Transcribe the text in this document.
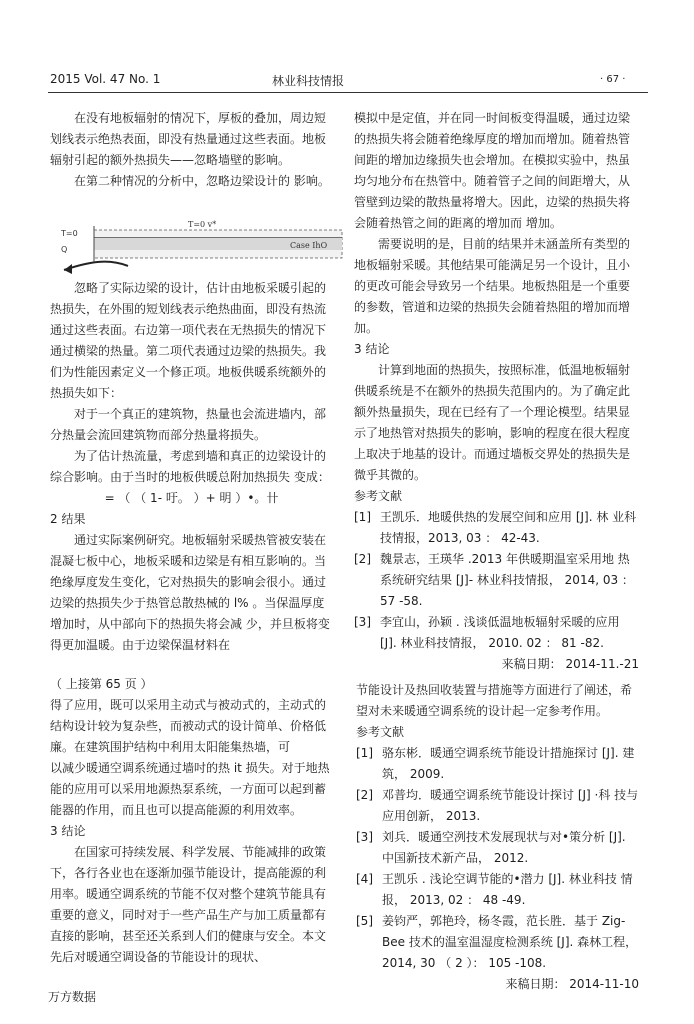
2015 Vol. 47 No. 1	林业科技情报	· 67 ·

在没有地板辐射的情况下，厚板的叠加，周边短划线表示绝热表面，即没有热量通过这些表面。地板辐射引起的额外热损失——忽略墙壁的影响。

在第二种情况的分析中，忽略边梁设计的 影响。

T=0
Q
T=0 v*
Case IhO

忽略了实际边梁的设计，估计由地板采暖引起的热损失，在外围的短划线表示绝热曲面，即没有热流通过这些表面。右边第一项代表在无热损失的情况下通过横梁的热量。第二项代表通过边梁的热损失。我们为性能因素定义一个修正项。地板供暖系统额外的热损失如下：

对于一个真正的建筑物，热量也会流进墙内，部分热量会流回建筑物而部分热量将损失。

为了估计热流量，考虑到墙和真正的边梁设计的综合影响。由于当时的地板供暖总附加热损失 变成：

= （ （ 1- 吁。 ）+ 明 ）•。卄

2 结果

通过实际案例研究。地板辐射采暖热管被安装在混凝七板中心，地板采暖和边梁是有相互影响的。当绝缘厚度发生变化，它对热损失的影响会很小。通过边梁的热损失少于热管总散热械的 l% 。当保温厚度增加时，从中部向下的热损失将会减 少，并旦板将变得更加温暖。由于边梁保温材料在

模拟中是定值，并在同一时间板变得温暖，通过边梁的热损失将会随着绝缘厚度的增加而增加。随着热管间距的增加边缘损失也会增加。在模拟实验中，热虽均匀地分布在热管中。随着管子之间的间距增大，从管壁到边梁的散热量将增大。因此，边梁的热损失将会随着热管之间的距离的增加而 增加。

需要说明的是，目前的结果并未涵盖所有类型的地板辐射采暖。其他结果可能满足另一个设计，且小的更改可能会导致另一个结果。地板热阻是一个重要的参数，管道和边梁的热损失会随着热阻的增加而增加。

3 结论

计算到地面的热损失，按照标准，低温地板辐射供暖系统是不在额外的热损失范围内的。为了确定此额外热量损失，现在已经有了一个理论模型。结果显示了地热管对热损失的影响，影响的程度在很大程度上取决于地基的设计。而通过墙板交界处的热损失是微乎其微的。

参考文献

[1] 王凯乐．地暖供热的发展空间和应用 [J]. 林 业科技情报，2013, 03 ： 42-43.
[2] 魏景志，王瑛华 .2013 年供暖期温室采用地 热系统研究结果 [J]- 林业科技情报， 2014, 03 ： 57 -58.
[3] 李宜山，孙颖 . 浅谈低温地板辐射采暖的应用 [J]. 林业科技情报， 2010. 02 ： 81 -82.

来稿日期： 2014-11.-21

（ 上接第 65 页 ）

得了应用，既可以采用主动式与被动式的，主动式的结构设计较为复杂些，而被动式的设计简单、价格低廉。在建筑围护结构中利用太阳能集热墙，可

以减少暖通空调系统通过墙吋的热 it 损失。对于地热能的应用可以采用地源热泵系统，一方面可以起到蓄能器的作用，而且也可以提高能源的利用效率。

3 结论

在国家可持续发展、科学发展、节能减排的政策下，各行各业也在逐渐加强节能设计，提高能源的利用率。暖通空调系统的节能不仅对整个建筑节能具有重要的意义，同时对于一些产品生产与加工质量都有直接的影响，甚至还关系到人们的健康与安全。本文先后对暖通空调设备的节能设计的现状、

节能设计及热回收装置与措施等方面进行了阐述，希望对未来暖通空调系统的设计起一定参考作用。

参考文献

[1] 骆东彬．暖通空调系统节能设计措施探讨 [J]. 建筑， 2009.
[2] 邓普均．暖通空调系统节能设计探讨 [J] ·科 技与应用创新， 2013.
[3] 刘兵．暖通空洌技术发展现状与对•策分析 [J]. 中国新技术新产品， 2012.
[4] 王凯乐 . 浅论空调节能的•潜力 [J]. 林业科技 情报， 2013, 02 ： 48 -49.
[5] 姜钧严，郭艳玲，杨冬霞，范长胜．基于 Zig-Bee 技术的温室温湿度检测系统 [J]. 森林工程， 2014, 30 （ 2 ）： 105 -108.

来稿日期： 2014-11-10

万方数据
